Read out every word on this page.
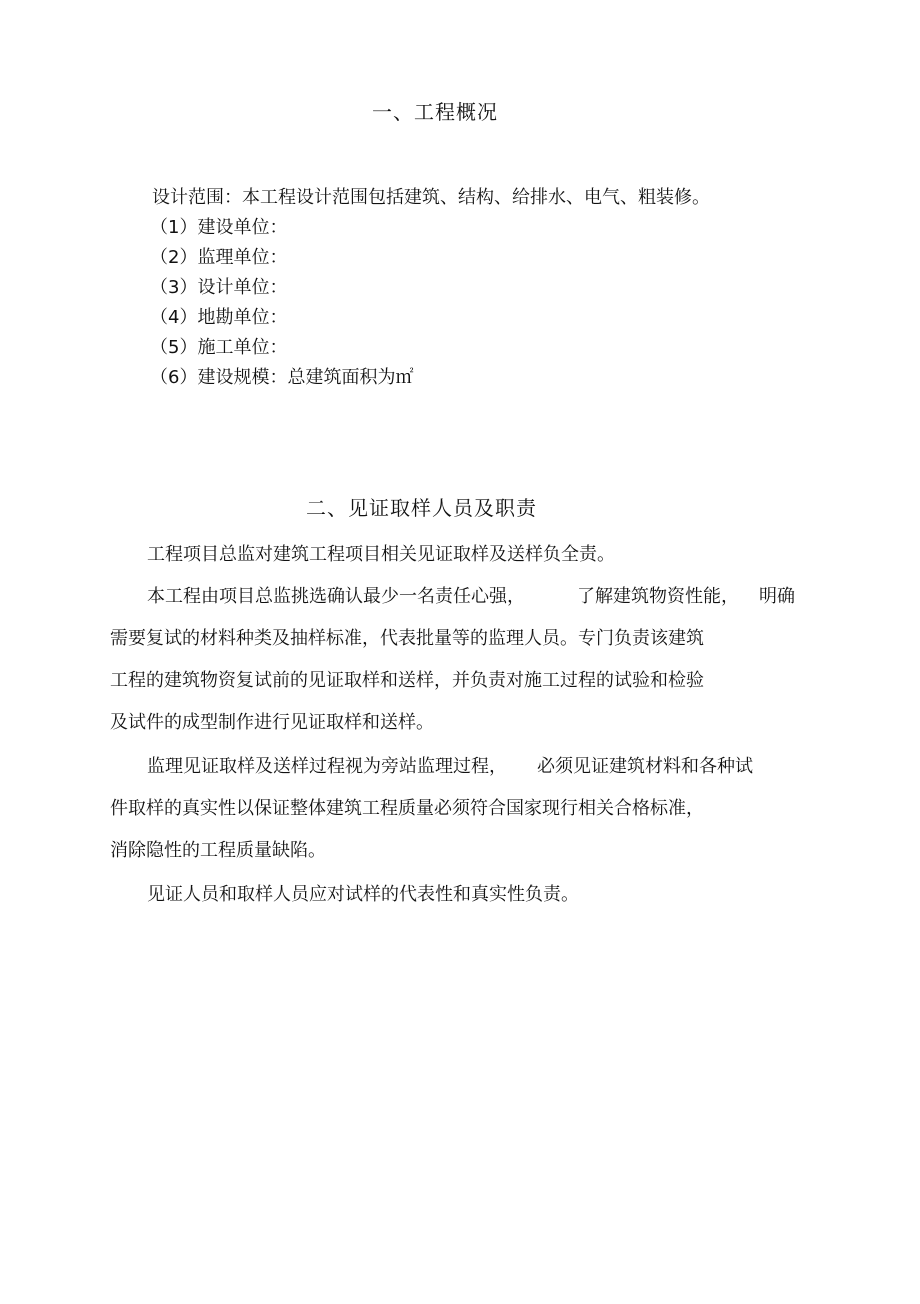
一、工程概况
设计范围：本工程设计范围包括建筑、结构、给排水、电气、粗装修。
（1）建设单位：
（2）监理单位：
（3）设计单位：
（4）地勘单位：
（5）施工单位：
（6）建设规模：总建筑面积为㎡
二、见证取样人员及职责
工程项目总监对建筑工程项目相关见证取样及送样负全责。
本工程由项目总监挑选确认最少一名责任心强，	了解建筑物资性能， 明确
需要复试的材料种类及抽样标准，代表批量等的监理人员。专门负责该建筑
工程的建筑物资复试前的见证取样和送样，并负责对施工过程的试验和检验
及试件的成型制作进行见证取样和送样。
监理见证取样及送样过程视为旁站监理过程， 必须见证建筑材料和各种试
件取样的真实性以保证整体建筑工程质量必须符合国家现行相关合格标准，
消除隐性的工程质量缺陷。
见证人员和取样人员应对试样的代表性和真实性负责。
